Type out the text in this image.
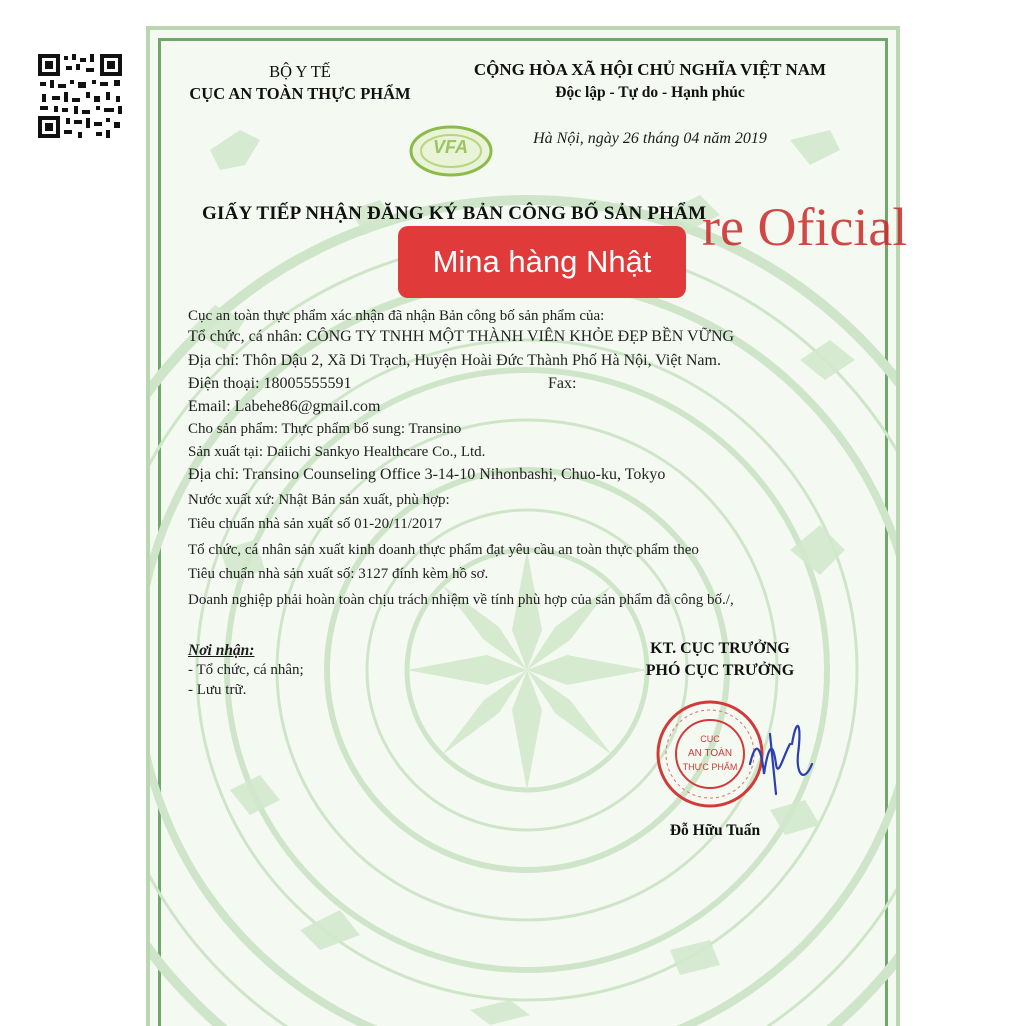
VFA
BỘ Y TẾ
CỤC AN TOÀN THỰC PHẨM
CỘNG HÒA XÃ HỘI CHỦ NGHĨA VIỆT NAM
Độc lập - Tự do - Hạnh phúc
Hà Nội, ngày 26 tháng 04 năm 2019
GIẤY TIẾP NHẬN ĐĂNG KÝ BẢN CÔNG BỐ SẢN PHẨM
Cục an toàn thực phẩm xác nhận đã nhận Bản công bố sản phẩm của:
Tổ chức, cá nhân: CÔNG TY TNHH MỘT THÀNH VIÊN KHỎE ĐẸP BỀN VỮNG
Địa chỉ: Thôn Dậu 2, Xã Di Trạch, Huyện Hoài Đức Thành Phố Hà Nội, Việt Nam.
Điện thoại: 18005555591	Fax:
Email: Labehe86@gmail.com
Cho sản phẩm: Thực phẩm bổ sung: Transino
Sản xuất tại: Daiichi Sankyo Healthcare Co., Ltd.
Địa chỉ: Transino Counseling Office 3-14-10 Nihonbashi, Chuo-ku, Tokyo
Nước xuất xứ: Nhật Bản sản xuất, phù hợp:
Tiêu chuẩn nhà sản xuất số 01-20/11/2017
Tổ chức, cá nhân sản xuất kinh doanh thực phẩm đạt yêu cầu an toàn thực phẩm theo
Tiêu chuẩn nhà sản xuất số: 3127 đính kèm hồ sơ.
Doanh nghiệp phải hoàn toàn chịu trách nhiệm về tính phù hợp của sản phẩm đã công bố./,
Nơi nhận:
- Tổ chức, cá nhân;
- Lưu trữ.
KT. CỤC TRƯỞNG
PHÓ CỤC TRƯỞNG
Đỗ Hữu Tuấn
CỤC
AN TOÀN
THỰC PHẨM
re Oficial
Mina hàng Nhật
